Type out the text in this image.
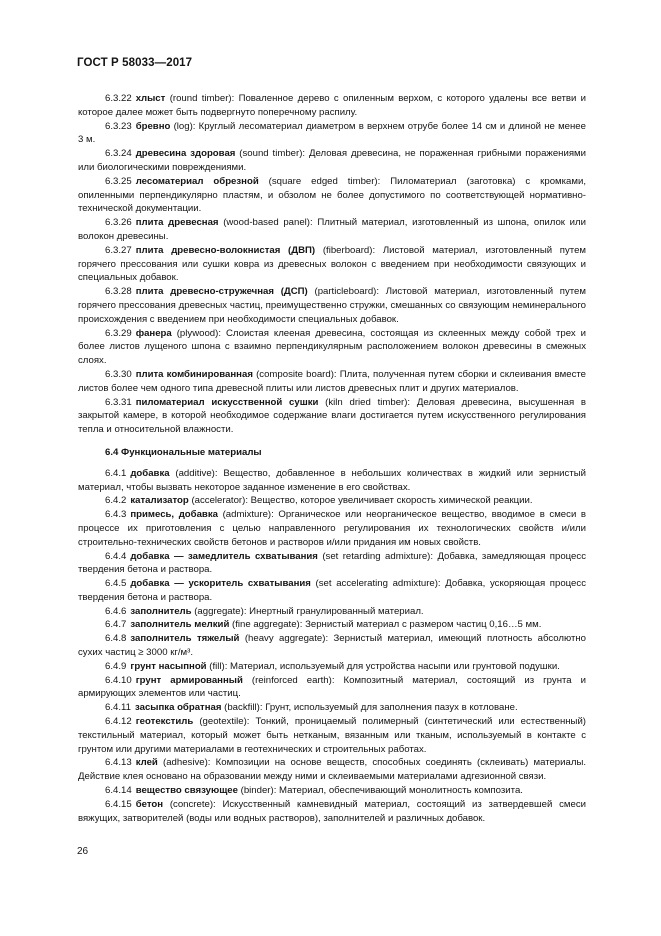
ГОСТ Р 58033—2017

6.3.22 хлыст (round timber): Поваленное дерево с опиленным верхом, с которого удалены все ветви и которое далее может быть подвергнуто поперечному распилу.

6.3.23 бревно (log): Круглый лесоматериал диаметром в верхнем отрубе более 14 см и длиной не менее 3 м.

6.3.24 древесина здоровая (sound timber): Деловая древесина, не пораженная грибными поражениями или биологическими повреждениями.

6.3.25 лесоматериал обрезной (square edged timber): Пиломатериал (заготовка) с кромками, опиленными перпендикулярно пластям, и обзолом не более допустимого по соответствующей нормативно-технической документации.

6.3.26 плита древесная (wood-based panel): Плитный материал, изготовленный из шпона, опилок или волокон древесины.

6.3.27 плита древесно-волокнистая (ДВП) (fiberboard): Листовой материал, изготовленный путем горячего прессования или сушки ковра из древесных волокон с введением при необходимости связующих и специальных добавок.

6.3.28 плита древесно-стружечная (ДСП) (particleboard): Листовой материал, изготовленный путем горячего прессования древесных частиц, преимущественно стружки, смешанных со связующим неминерального происхождения с введением при необходимости специальных добавок.

6.3.29 фанера (plywood): Слоистая клееная древесина, состоящая из склеенных между собой трех и более листов лущеного шпона с взаимно перпендикулярным расположением волокон древесины в смежных слоях.

6.3.30 плита комбинированная (composite board): Плита, полученная путем сборки и склеивания вместе листов более чем одного типа древесной плиты или листов древесных плит и других материалов.

6.3.31 пиломатериал искусственной сушки (kiln dried timber): Деловая древесина, высушенная в закрытой камере, в которой необходимое содержание влаги достигается путем искусственного регулирования тепла и относительной влажности.

6.4 Функциональные материалы

6.4.1 добавка (additive): Вещество, добавленное в небольших количествах в жидкий или зернистый материал, чтобы вызвать некоторое заданное изменение в его свойствах.

6.4.2 катализатор (accelerator): Вещество, которое увеличивает скорость химической реакции.

6.4.3 примесь, добавка (admixture): Органическое или неорганическое вещество, вводимое в смеси в процессе их приготовления с целью направленного регулирования их технологических свойств и/или строительно-технических свойств бетонов и растворов и/или придания им новых свойств.

6.4.4 добавка — замедлитель схватывания (set retarding admixture): Добавка, замедляющая процесс твердения бетона и раствора.

6.4.5 добавка — ускоритель схватывания (set accelerating admixture): Добавка, ускоряющая процесс твердения бетона и раствора.

6.4.6 заполнитель (aggregate): Инертный гранулированный материал.

6.4.7 заполнитель мелкий (fine aggregate): Зернистый материал с размером частиц 0,16…5 мм.

6.4.8 заполнитель тяжелый (heavy aggregate): Зернистый материал, имеющий плотность абсолютно сухих частиц ≥ 3000 кг/м³.

6.4.9 грунт насыпной (fill): Материал, используемый для устройства насыпи или грунтовой подушки.

6.4.10 грунт армированный (reinforced earth): Композитный материал, состоящий из грунта и армирующих элементов или частиц.

6.4.11 засыпка обратная (backfill): Грунт, используемый для заполнения пазух в котловане.

6.4.12 геотекстиль (geotextile): Тонкий, проницаемый полимерный (синтетический или естественный) текстильный материал, который может быть нетканым, вязанным или тканым, используемый в контакте с грунтом или другими материалами в геотехнических и строительных работах.

6.4.13 клей (adhesive): Композиции на основе веществ, способных соединять (склеивать) материалы. Действие клея основано на образовании между ними и склеиваемыми материалами адгезионной связи.

6.4.14 вещество связующее (binder): Материал, обеспечивающий монолитность композита.

6.4.15 бетон (concrete): Искусственный камневидный материал, состоящий из затвердевшей смеси вяжущих, затворителей (воды или водных растворов), заполнителей и различных добавок.

26
